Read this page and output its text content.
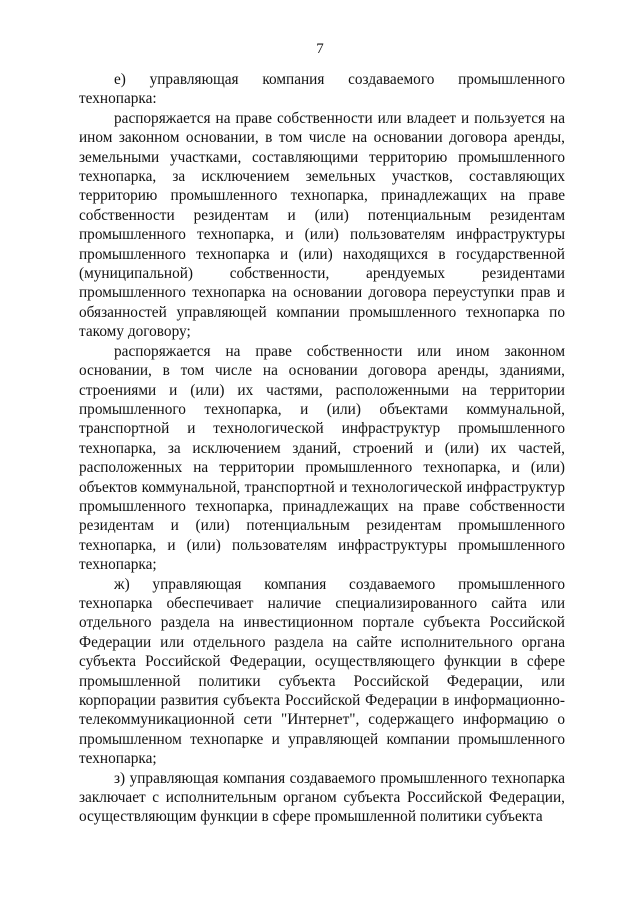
7

е) управляющая компания создаваемого промышленного технопарка:

распоряжается на праве собственности или владеет и пользуется на ином законном основании, в том числе на основании договора аренды, земельными участками, составляющими территорию промышленного технопарка, за исключением земельных участков, составляющих территорию промышленного технопарка, принадлежащих на праве собственности резидентам и (или) потенциальным резидентам промышленного технопарка, и (или) пользователям инфраструктуры промышленного технопарка и (или) находящихся в государственной (муниципальной) собственности, арендуемых резидентами промышленного технопарка на основании договора переуступки прав и обязанностей управляющей компании промышленного технопарка по такому договору;

распоряжается на праве собственности или ином законном основании, в том числе на основании договора аренды, зданиями, строениями и (или) их частями, расположенными на территории промышленного технопарка, и (или) объектами коммунальной, транспортной и технологической инфраструктур промышленного технопарка, за исключением зданий, строений и (или) их частей, расположенных на территории промышленного технопарка, и (или) объектов коммунальной, транспортной и технологической инфраструктур промышленного технопарка, принадлежащих на праве собственности резидентам и (или) потенциальным резидентам промышленного технопарка, и (или) пользователям инфраструктуры промышленного технопарка;

ж) управляющая компания создаваемого промышленного технопарка обеспечивает наличие специализированного сайта или отдельного раздела на инвестиционном портале субъекта Российской Федерации или отдельного раздела на сайте исполнительного органа субъекта Российской Федерации, осуществляющего функции в сфере промышленной политики субъекта Российской Федерации, или корпорации развития субъекта Российской Федерации в информационно-телекоммуникационной сети "Интернет", содержащего информацию о промышленном технопарке и управляющей компании промышленного технопарка;

з) управляющая компания создаваемого промышленного технопарка заключает с исполнительным органом субъекта Российской Федерации, осуществляющим функции в сфере промышленной политики субъекта
